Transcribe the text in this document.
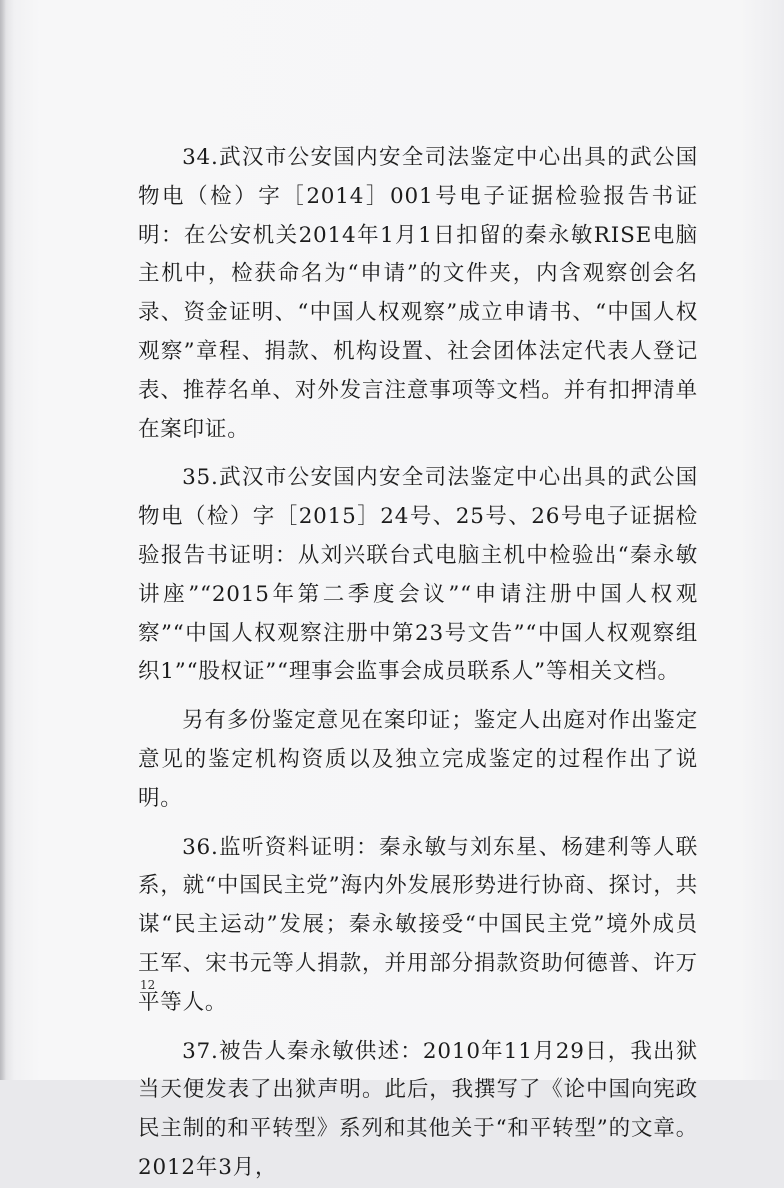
34.武汉市公安国内安全司法鉴定中心出具的武公国物电（检）字［2014］001号电子证据检验报告书证明：在公安机关2014年1月1日扣留的秦永敏RISE电脑主机中，检获命名为“申请”的文件夹，内含观察创会名录、资金证明、“中国人权观察”成立申请书、“中国人权观察”章程、捐款、机构设置、社会团体法定代表人登记表、推荐名单、对外发言注意事项等文档。并有扣押清单在案印证。

35.武汉市公安国内安全司法鉴定中心出具的武公国物电（检）字［2015］24号、25号、26号电子证据检验报告书证明：从刘兴联台式电脑主机中检验出“秦永敏讲座”“2015年第二季度会议”“申请注册中国人权观察”“中国人权观察注册中第23号文告”“中国人权观察组织1”“股权证”“理事会监事会成员联系人”等相关文档。

另有多份鉴定意见在案印证；鉴定人出庭对作出鉴定意见的鉴定机构资质以及独立完成鉴定的过程作出了说明。

36.监听资料证明：秦永敏与刘东星、杨建利等人联系，就“中国民主党”海内外发展形势进行协商、探讨，共谋“民主运动”发展；秦永敏接受“中国民主党”境外成员王军、宋书元等人捐款，并用部分捐款资助何德普、许万平等人。

37.被告人秦永敏供述：2010年11月29日，我出狱当天便发表了出狱声明。此后，我撰写了《论中国向宪政民主制的和平转型》系列和其他关于“和平转型”的文章。2012年3月，

12
